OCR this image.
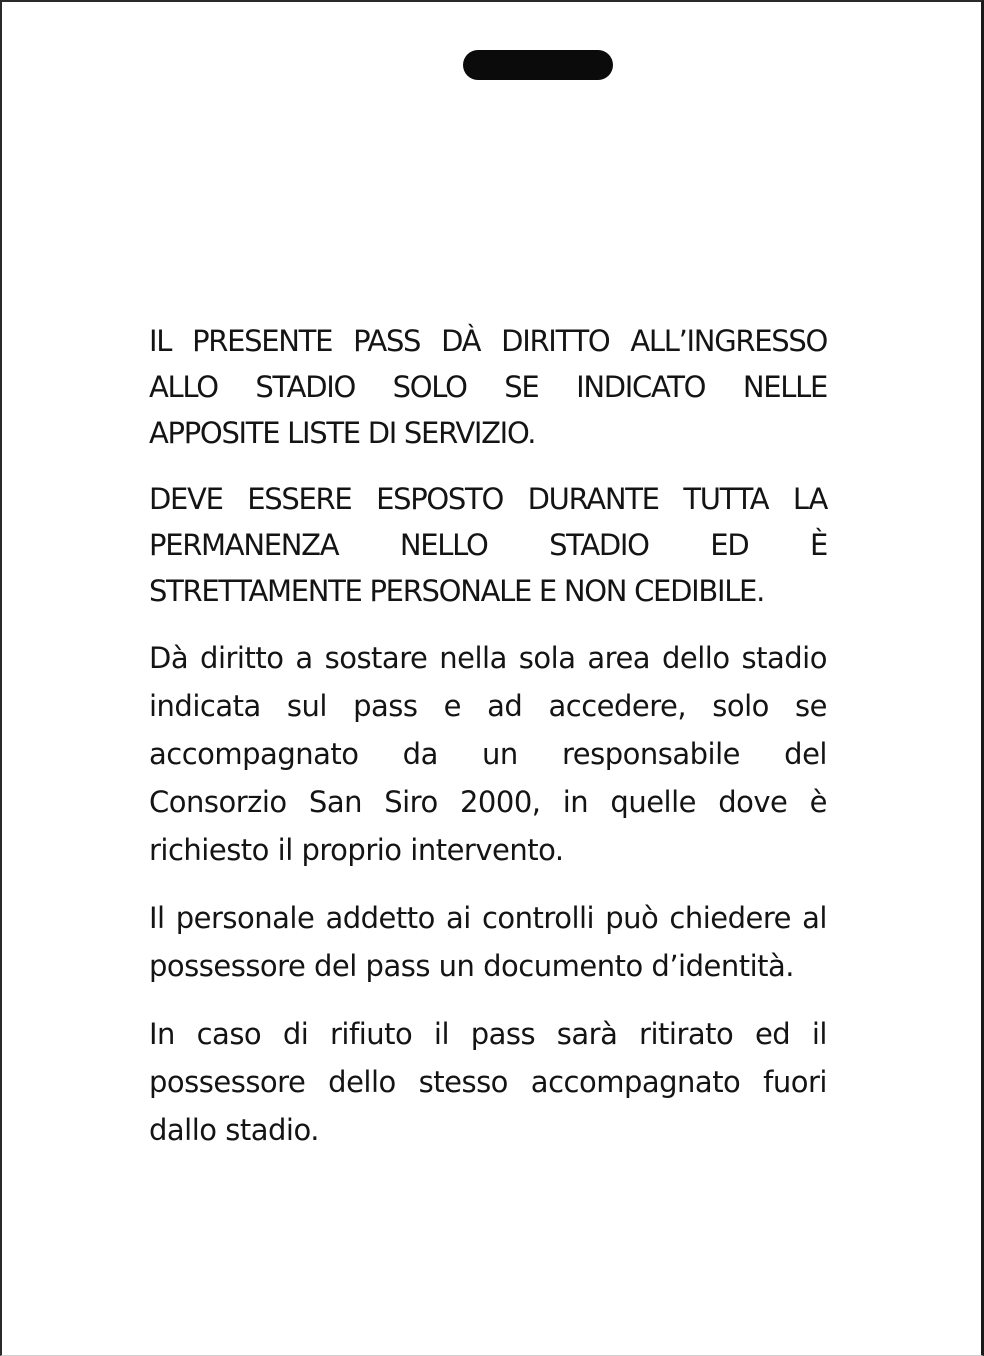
IL PRESENTE PASS DÀ DIRITTO ALL’INGRESSO
ALLO STADIO SOLO SE INDICATO NELLE
APPOSITE LISTE DI SERVIZIO.

DEVE ESSERE ESPOSTO DURANTE TUTTA LA
PERMANENZA NELLO STADIO ED È
STRETTAMENTE PERSONALE E NON CEDIBILE.

Dà diritto a sostare nella sola area dello stadio
indicata sul pass e ad accedere, solo se
accompagnato da un responsabile del
Consorzio San Siro 2000, in quelle dove è
richiesto il proprio intervento.

Il personale addetto ai controlli può chiedere al
possessore del pass un documento d’identità.

In caso di rifiuto il pass sarà ritirato ed il
possessore dello stesso accompagnato fuori
dallo stadio.
